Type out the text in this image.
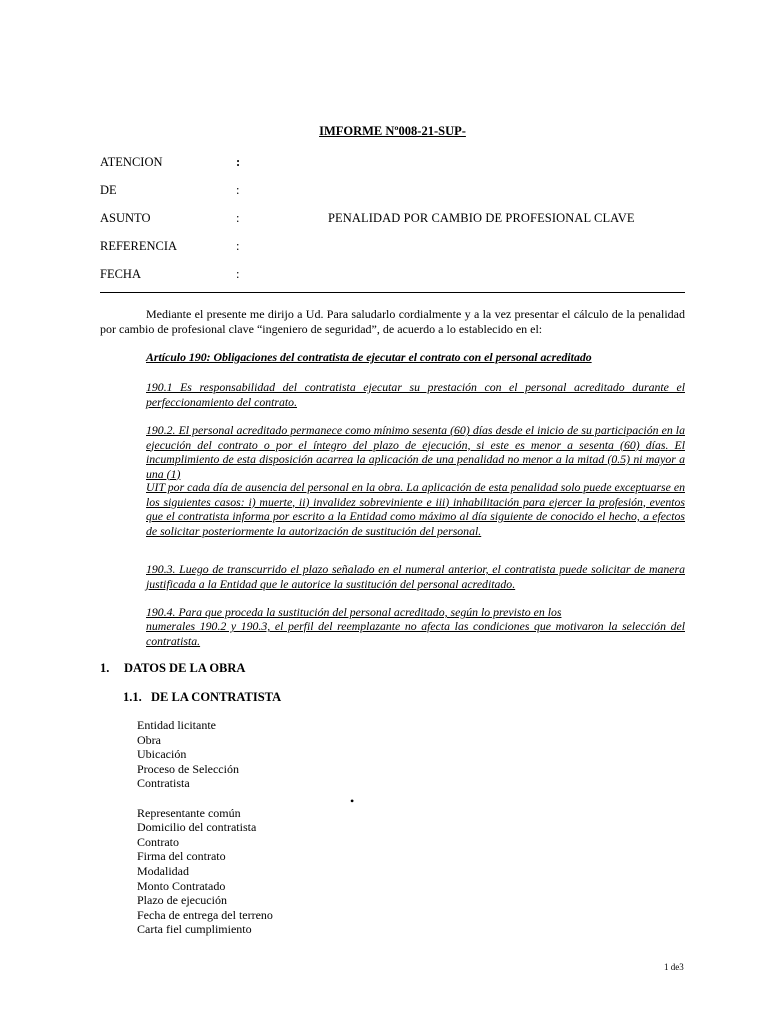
IMFORME Nº008-21-SUP-
ATENCION	:
DE	:
ASUNTO	:	PENALIDAD POR CAMBIO DE PROFESIONAL CLAVE
REFERENCIA	:
FECHA	:
Mediante el presente me dirijo a Ud. Para saludarlo cordialmente y a la vez presentar el cálculo de la penalidad por cambio de profesional clave “ingeniero de seguridad”, de acuerdo a lo establecido en el:
Artículo 190: Obligaciones del contratista de ejecutar el contrato con el personal acreditado
190.1 Es responsabilidad del contratista ejecutar su prestación con el personal acreditado durante el perfeccionamiento del contrato.
190.2. El personal acreditado permanece como mínimo sesenta (60) días desde el inicio de su participación en la ejecución del contrato o por el íntegro del plazo de ejecución, si este es menor a sesenta (60) días. El incumplimiento de esta disposición acarrea la aplicación de una penalidad no menor a la mitad (0.5) ni mayor a una (1)
UIT por cada día de ausencia del personal en la obra. La aplicación de esta penalidad solo puede exceptuarse en los siguientes casos: i) muerte, ii) invalidez sobreviniente e iii) inhabilitación para ejercer la profesión, eventos que el contratista informa por escrito a la Entidad como máximo al día siguiente de conocido el hecho, a efectos de solicitar posteriormente la autorización de sustitución del personal.
190.3. Luego de transcurrido el plazo señalado en el numeral anterior, el contratista puede solicitar de manera justificada a la Entidad que le autorice la sustitución del personal acreditado.
190.4. Para que proceda la sustitución del personal acreditado, según lo previsto en los
numerales 190.2 y 190.3, el perfil del reemplazante no afecta las condiciones que motivaron la selección del contratista.
1. DATOS DE LA OBRA
1.1. DE LA CONTRATISTA
Entidad licitante
Obra
Ubicación
Proceso de Selección
Contratista
Representante común
Domicilio del contratista
Contrato
Firma del contrato
Modalidad
Monto Contratado
Plazo de ejecución
Fecha de entrega del terreno
Carta fiel cumplimiento
•
1 de3
